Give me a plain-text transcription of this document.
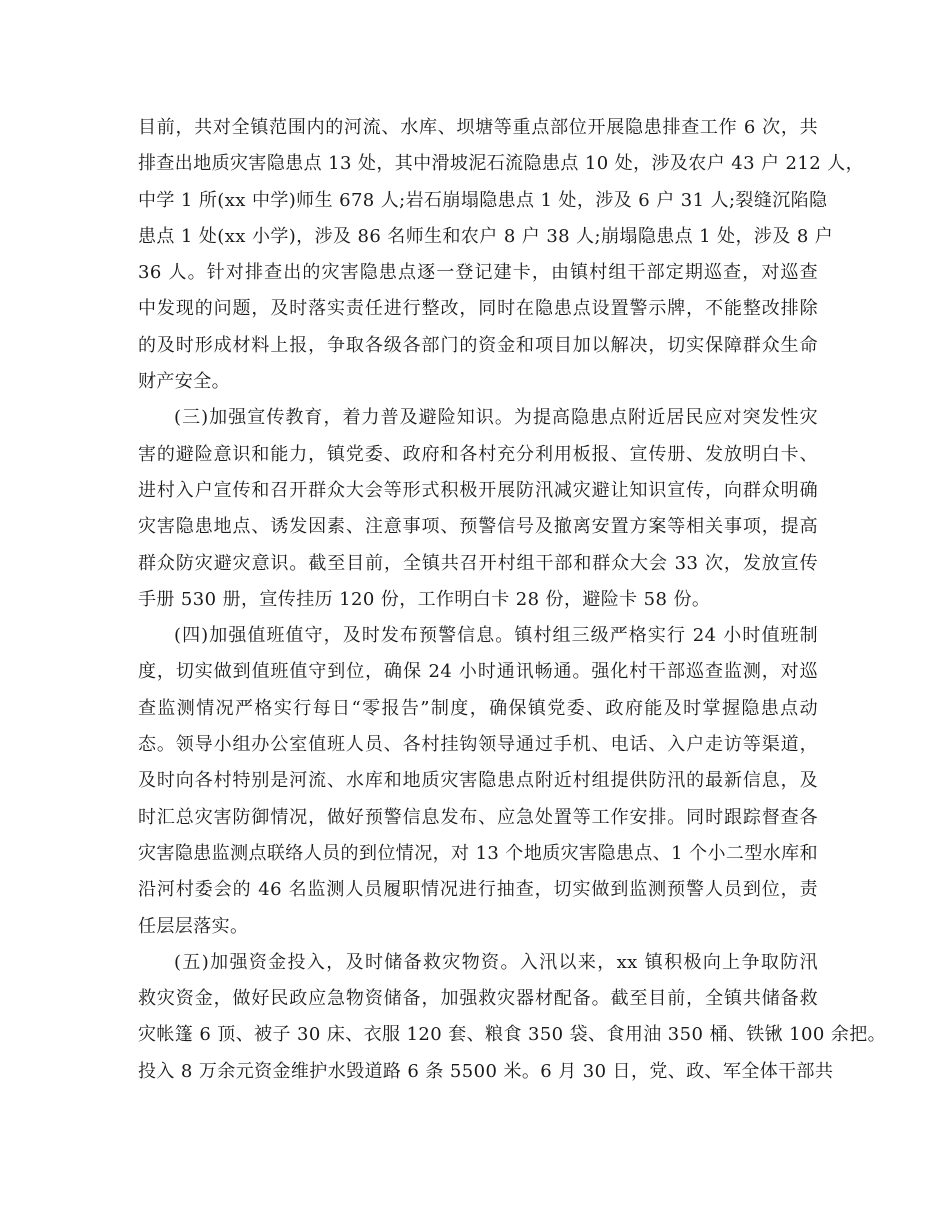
目前，共对全镇范围内的河流、水库、坝塘等重点部位开展隐患排查工作 6 次，共
排查出地质灾害隐患点 13 处，其中滑坡泥石流隐患点 10 处，涉及农户 43 户 212 人，
中学 1 所(xx 中学)师生 678 人;岩石崩塌隐患点 1 处，涉及 6 户 31 人;裂缝沉陷隐
患点 1 处(xx 小学)，涉及 86 名师生和农户 8 户 38 人;崩塌隐患点 1 处，涉及 8 户
36 人。针对排查出的灾害隐患点逐一登记建卡，由镇村组干部定期巡查，对巡查
中发现的问题，及时落实责任进行整改，同时在隐患点设置警示牌，不能整改排除
的及时形成材料上报，争取各级各部门的资金和项目加以解决，切实保障群众生命
财产安全。
(三)加强宣传教育，着力普及避险知识。为提高隐患点附近居民应对突发性灾
害的避险意识和能力，镇党委、政府和各村充分利用板报、宣传册、发放明白卡、
进村入户宣传和召开群众大会等形式积极开展防汛减灾避让知识宣传，向群众明确
灾害隐患地点、诱发因素、注意事项、预警信号及撤离安置方案等相关事项，提高
群众防灾避灾意识。截至目前，全镇共召开村组干部和群众大会 33 次，发放宣传
手册 530 册，宣传挂历 120 份，工作明白卡 28 份，避险卡 58 份。
(四)加强值班值守，及时发布预警信息。镇村组三级严格实行 24 小时值班制
度，切实做到值班值守到位，确保 24 小时通讯畅通。强化村干部巡查监测，对巡
查监测情况严格实行每日“零报告”制度，确保镇党委、政府能及时掌握隐患点动
态。领导小组办公室值班人员、各村挂钩领导通过手机、电话、入户走访等渠道，
及时向各村特别是河流、水库和地质灾害隐患点附近村组提供防汛的最新信息，及
时汇总灾害防御情况，做好预警信息发布、应急处置等工作安排。同时跟踪督查各
灾害隐患监测点联络人员的到位情况，对 13 个地质灾害隐患点、1 个小二型水库和
沿河村委会的 46 名监测人员履职情况进行抽查，切实做到监测预警人员到位，责
任层层落实。
(五)加强资金投入，及时储备救灾物资。入汛以来，xx 镇积极向上争取防汛
救灾资金，做好民政应急物资储备，加强救灾器材配备。截至目前，全镇共储备救
灾帐篷 6 顶、被子 30 床、衣服 120 套、粮食 350 袋、食用油 350 桶、铁锹 100 余把。
投入 8 万余元资金维护水毁道路 6 条 5500 米。6 月 30 日，党、政、军全体干部共
